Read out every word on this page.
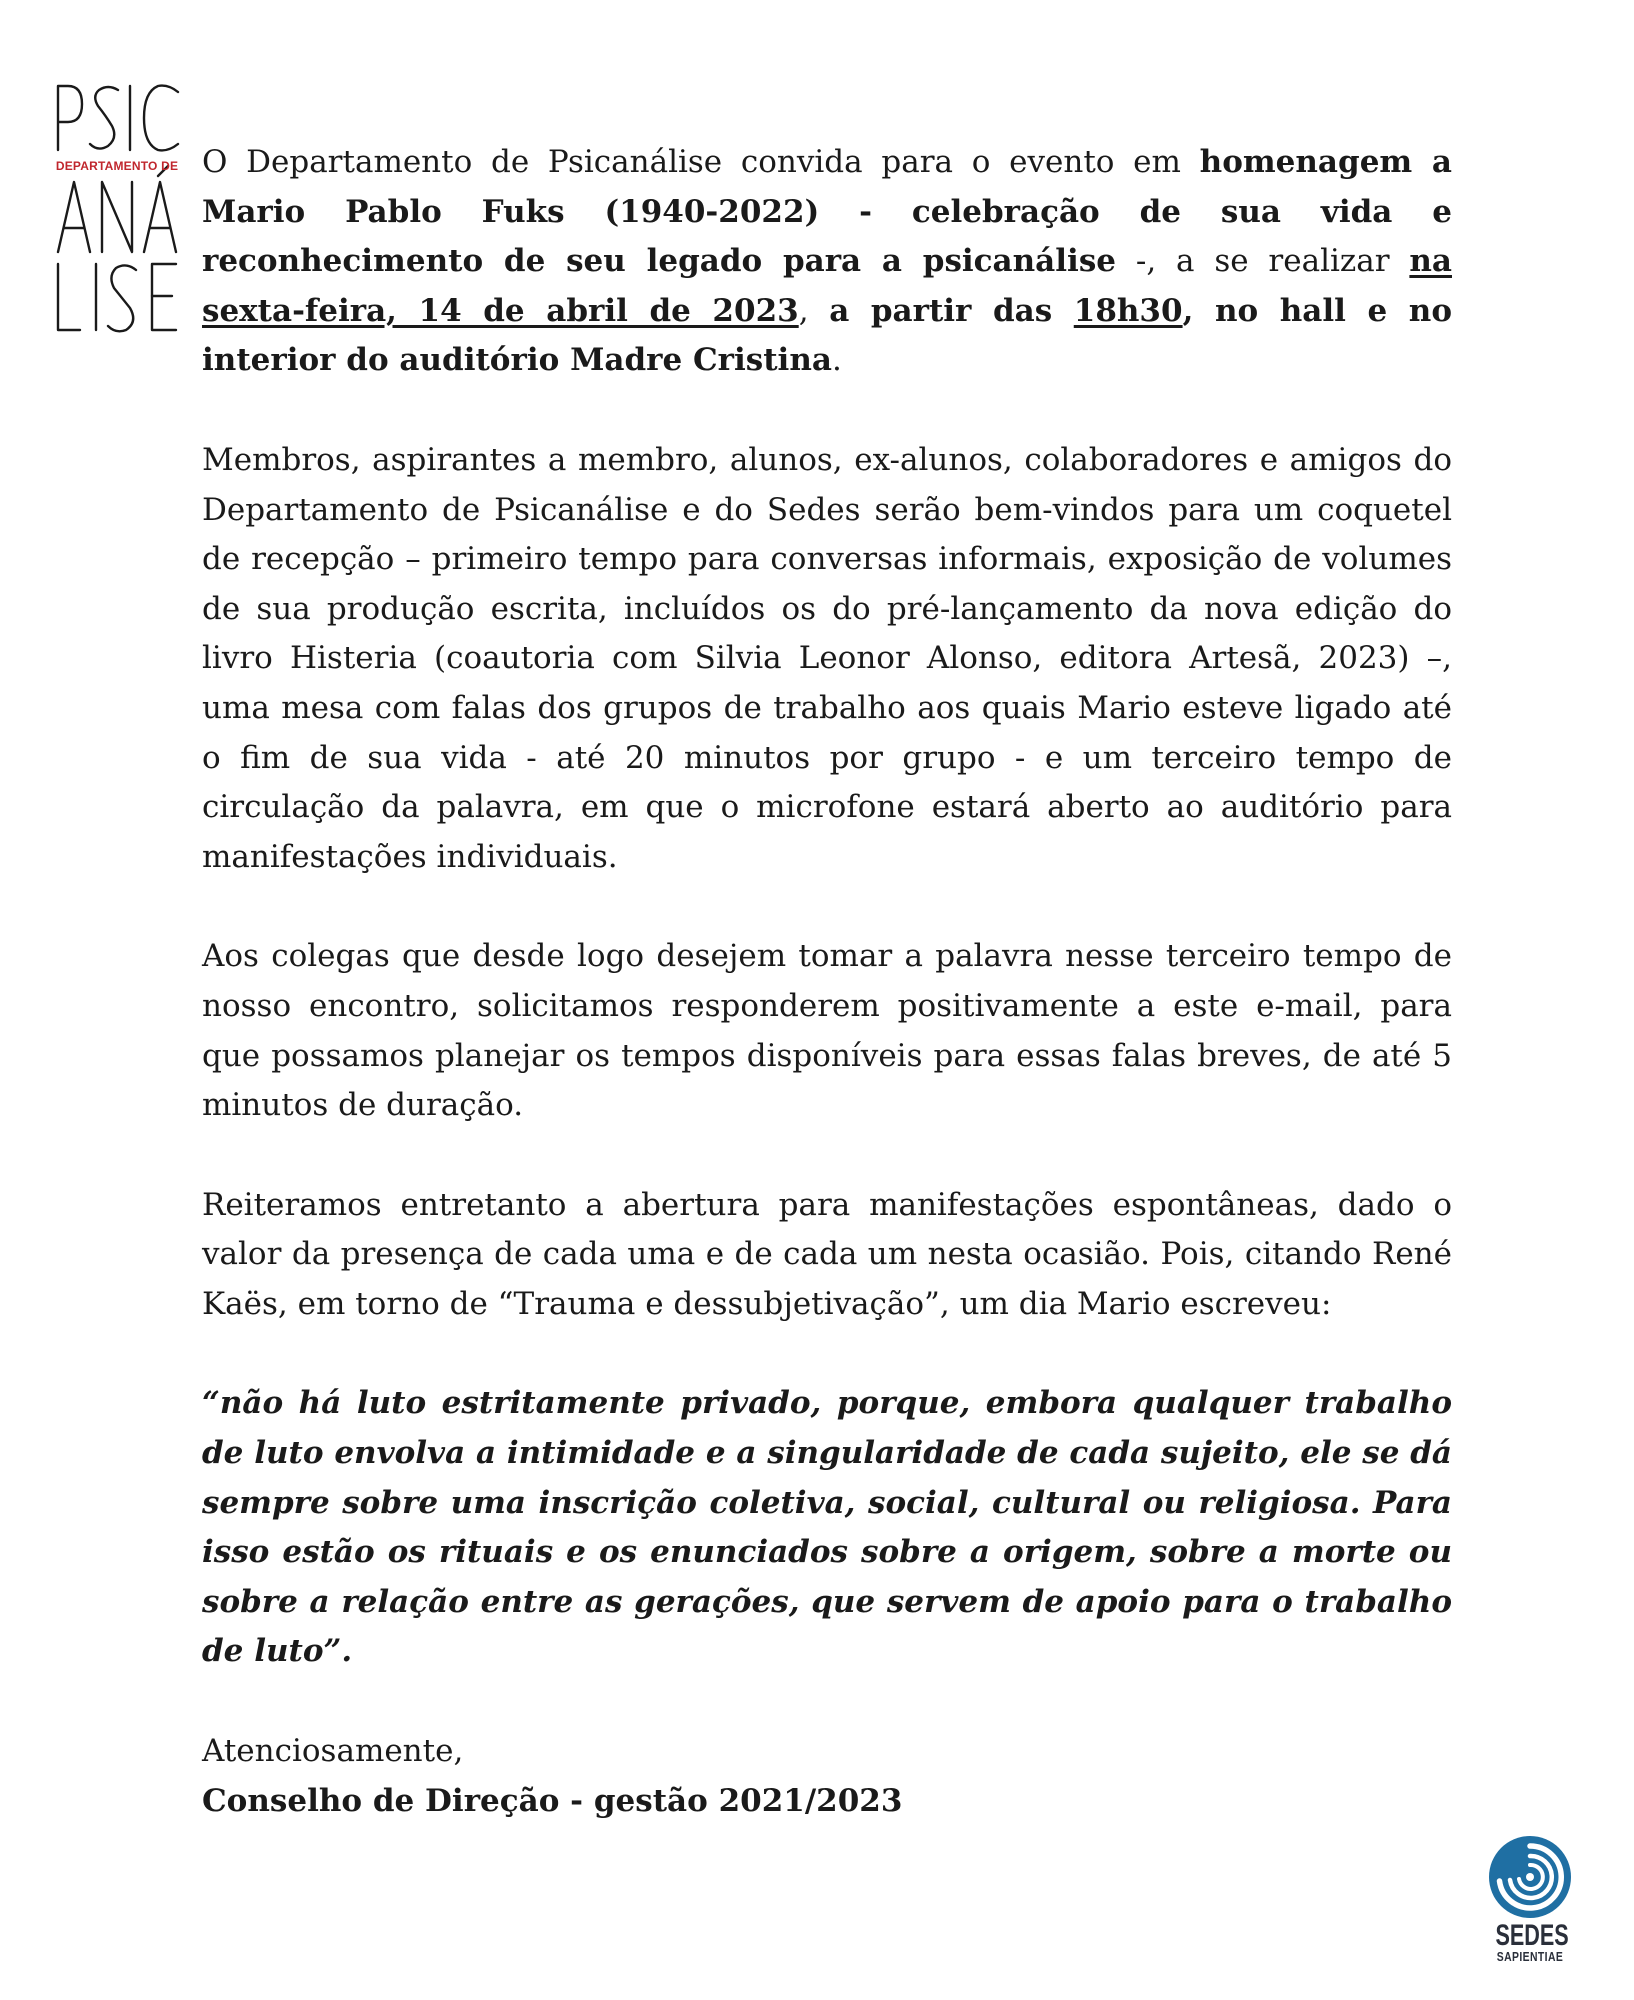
DEPARTAMENTO DE O Departamento de Psicanálise convida para o evento em homenagem a Mario Pablo Fuks (1940-2022) - celebração de sua vida e reconhecimento de seu legado para a psicanálise -, a se realizar na sexta-feira, 14 de abril de 2023, a partir das 18h30, no hall e no interior do auditório Madre Cristina.

Membros, aspirantes a membro, alunos, ex-alunos, colaboradores e amigos do Departamento de Psicanálise e do Sedes serão bem-vindos para um coquetel de recepção – primeiro tempo para conversas informais, exposição de volumes de sua produção escrita, incluídos os do pré-lançamento da nova edição do livro Histeria (coautoria com Silvia Leonor Alonso, editora Artesã, 2023) –, uma mesa com falas dos grupos de trabalho aos quais Mario esteve ligado até o fim de sua vida - até 20 minutos por grupo - e um terceiro tempo de circulação da palavra, em que o microfone estará aberto ao auditório para manifestações individuais.

Aos colegas que desde logo desejem tomar a palavra nesse terceiro tempo de nosso encontro, solicitamos responderem positivamente a este e-mail, para que possamos planejar os tempos disponíveis para essas falas breves, de até 5 minutos de duração.

Reiteramos entretanto a abertura para manifestações espontâneas, dado o valor da presença de cada uma e de cada um nesta ocasião. Pois, citando René Kaës, em torno de “Trauma e dessubjetivação”, um dia Mario escreveu:

“não há luto estritamente privado, porque, embora qualquer trabalho de luto envolva a intimidade e a singularidade de cada sujeito, ele se dá sempre sobre uma inscrição coletiva, social, cultural ou religiosa. Para isso estão os rituais e os enunciados sobre a origem, sobre a morte ou sobre a relação entre as gerações, que servem de apoio para o trabalho de luto”.

Atenciosamente,

Conselho de Direção - gestão 2021/2023

SEDES
SAPIENTIAE
